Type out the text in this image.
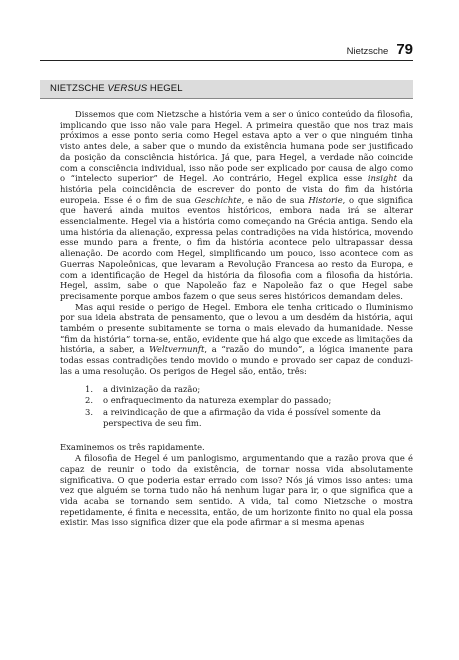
Nietzsche 79
NIETZSCHE VERSUS HEGEL

Dissemos que com Nietzsche a história vem a ser o único conteúdo da filosofia, implicando que isso não vale para Hegel. A primeira questão que nos traz mais próximos a esse ponto seria como Hegel estava apto a ver o que ninguém tinha visto antes dele, a saber que o mundo da existência humana pode ser justificado da posição da consciência histórica. Já que, para Hegel, a verdade não coincide com a consciência individual, isso não pode ser explicado por causa de algo como o “intelecto superior” de Hegel. Ao contrário, Hegel explica esse insight da história pela coincidência de escrever do ponto de vista do fim da história europeia. Esse é o fim de sua Geschichte, e não de sua Historie, o que significa que haverá ainda muitos eventos históricos, embora nada irá se alterar essencialmente. Hegel via a história como começando na Grécia antiga. Sendo ela uma história da alienação, expressa pelas contradições na vida histórica, movendo esse mundo para a frente, o fim da história acontece pelo ultrapassar dessa alienação. De acordo com Hegel, simplificando um pouco, isso acontece com as Guerras Napoleônicas, que levaram a Revolução Francesa ao resto da Europa, e com a identificação de Hegel da história da filosofia com a filosofia da história. Hegel, assim, sabe o que Napoleão faz e Napoleão faz o que Hegel sabe precisamente porque ambos fazem o que seus seres históricos demandam deles.

Mas aqui reside o perigo de Hegel. Embora ele tenha criticado o Iluminismo por sua ideia abstrata de pensamento, que o levou a um desdém da história, aqui também o presente subitamente se torna o mais elevado da humanidade. Nesse “fim da história” torna-se, então, evidente que há algo que excede as limitações da história, a saber, a Weltvernunft, a “razão do mundo”, a lógica imanente para todas essas contradições tendo movido o mundo e provado ser capaz de conduzi-las a uma resolução. Os perigos de Hegel são, então, três:

1.	a divinização da razão;
2.	o enfraquecimento da natureza exemplar do passado;
3.	a reivindicação de que a afirmação da vida é possível somente da perspectiva de seu fim.

Examinemos os três rapidamente.

A filosofia de Hegel é um panlogismo, argumentando que a razão prova que é capaz de reunir o todo da existência, de tornar nossa vida absolutamente significativa. O que poderia estar errado com isso? Nós já vimos isso antes: uma vez que alguém se torna tudo não há nenhum lugar para ir, o que significa que a vida acaba se tornando sem sentido. A vida, tal como Nietzsche o mostra repetidamente, é finita e necessita, então, de um horizonte finito no qual ela possa existir. Mas isso significa dizer que ela pode afirmar a si mesma apenas
